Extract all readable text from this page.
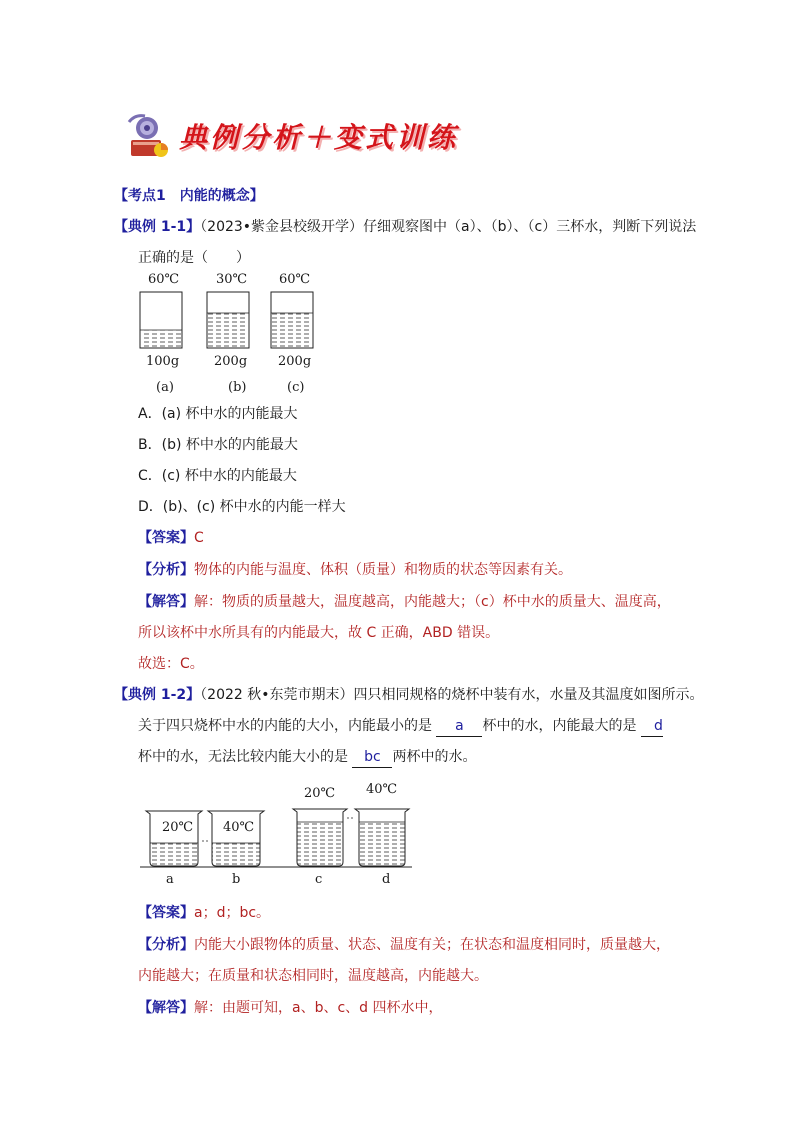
典例分析＋变式训练
【考点1　内能的概念】
【典例 1-1】（2023•紫金县校级开学）仔细观察图中（a）、（b）、（c）三杯水，判断下列说法
正确的是（　　）
60℃	30℃ 60℃
100g	200g 200g
(a)	(b)	(c)
A．(a) 杯中水的内能最大
B．(b) 杯中水的内能最大
C．(c) 杯中水的内能最大
D．(b)、(c) 杯中水的内能一样大
【答案】C
【分析】物体的内能与温度、体积（质量）和物质的状态等因素有关。
【解答】解：物质的质量越大，温度越高，内能越大；（c）杯中水的质量大、温度高，
所以该杯中水所具有的内能最大，故 C 正确，ABD 错误。
故选：C。
【典例 1-2】（2022 秋•东莞市期末）四只相同规格的烧杯中装有水，水量及其温度如图所示。
关于四只烧杯中水的内能的大小，内能最小的是 a 杯中的水，内能最大的是 d
杯中的水，无法比较内能大小的是 bc 两杯中的水。
20℃ 40℃
20℃ 40℃
a	b	c	d
【答案】a；d；bc。
【分析】内能大小跟物体的质量、状态、温度有关；在状态和温度相同时，质量越大，
内能越大；在质量和状态相同时，温度越高，内能越大。
【解答】解：由题可知，a、b、c、d 四杯水中，
